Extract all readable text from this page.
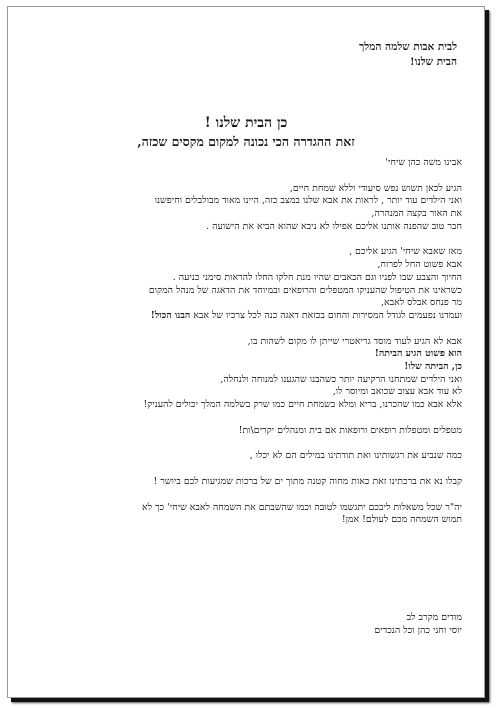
לבית אבות שלמה המלך
הבית שלנו!
כן הבית שלנו !
זאת ההגדרה הכי נכונה למקום מקסים שכזה,
אבינו משה כהן שיחי'
הגיע לכאן תשוש נפש סיעודי וללא שמחת חיים,
ואני הילדים עוד יותר , לראות את אבא שלנו במצב כזה, היינו מאוד מבולבלים וחיפשנו
את האור בקצה המנהרה,
חבר טוב שהפנה אותנו אליכם אפילו לא ניבא שהוא הביא את הישועה .
מאז שאבא שיחי' הגיע אליכם ,
אבא פשוט החל לפרוח,
החיוך והצבע שבו לפניו וגם הכאבים שהיו מנת חלקו החלו להראות סימני כניעה .
כשראינו את הטיפול שהעניקו המטפלים והרופאים ובמיוחד את הדאגה של מנהל המקום
מר פנחס אבלס לאבא,
ועמדנו נפעמים לגודל המסירות והחום בכזאת דאגה כנה לכל צרכיו של אבא הבנו הכול!
אבא לא הגיע לעוד מוסד גריאטרי שייתן לו מקום לשהות בו,
הוא פשוט הגיע הביתה!
כן, הביתה שלו!
ואני הילדים שמתחנו הרקיעה יותר כשהבנו שהגענו למנוחה ולנחלה,
לא עוד אבא עצוב שכואב ומיוסר לו,
אלא אבא כמו שהכרנו, בריא ומלא בשמחת חיים כמו שרק בשלמה המלך יכולים להעניק!
מטפלים ומטפלות רופאים ורופאות אם בית ומנהלים יקרים\ות!
כמה שנביע את רגשותינו ואת תודתינו במילים הם לא יכלו ,
קבלו נא את ברכתינו זאת כאות מחוה קטנה מתוך ים של ברכות שמגיעות לכם ביושר !
יה"ר שכל משאלות ליבכם יתגשמו לטובה וכמו שהשבתם את השמחה לאבא שיחי' כך לא
תמוש השמחה מכם לעולם! אמן!
מודים מקרב לב
יוסי וחני כהן וכל הנכדים
